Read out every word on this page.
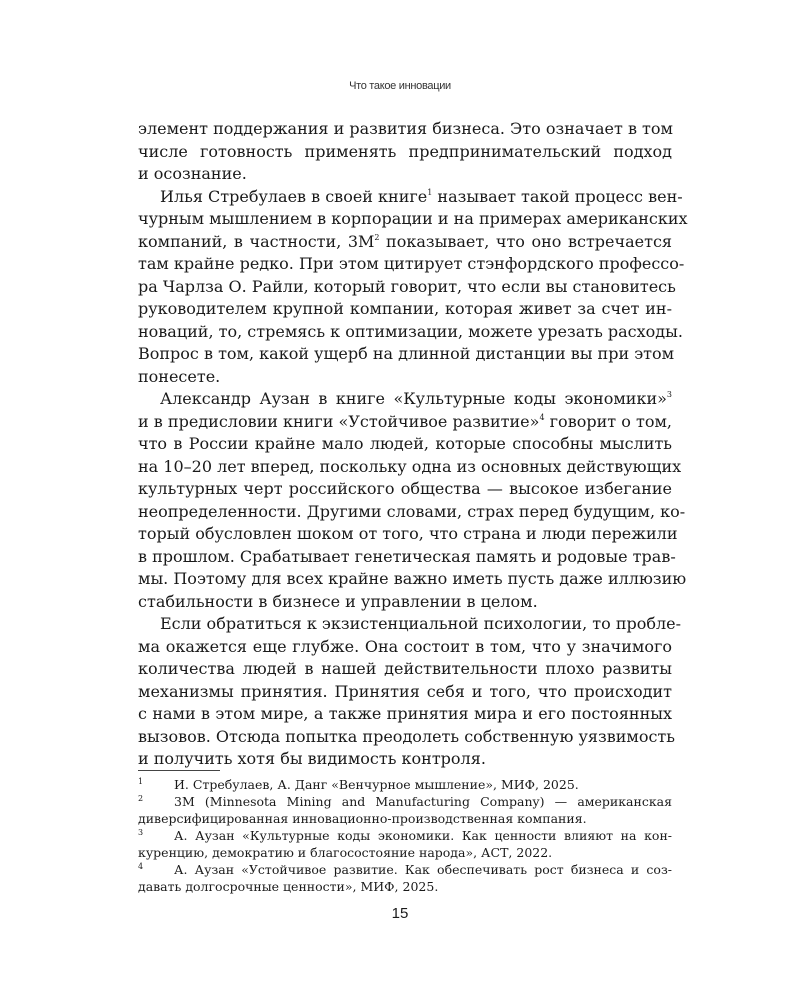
Что такое инновации
элемент поддержания и развития бизнеса. Это означает в том
числе готовность применять предпринимательский подход
и осознание.
Илья Стребулаев в своей книге$^1$ называет такой процесс вен-
чурным мышлением в корпорации и на примерах американских
компаний, в частности, $3М^2$ показывает, что оно встречается
там крайне редко. При этом цитирует стэнфордского профессо-
ра Чарлза О. Райли, который говорит, что если вы становитесь
руководителем крупной компании, которая живет за счет ин-
новаций, то, стремясь к оптимизации, можете урезать расходы.
Вопрос в том, какой ущерб на длинной дистанции вы при этом
понесете.
Александр Аузан в книге «Культурные коды экономики»$^3$
и в предисловии книги «Устойчивое развитие»$^4$ говорит о том,
что в России крайне мало людей, которые способны мыслить
на 10–20 лет вперед, поскольку одна из основных действующих
культурных черт российского общества — высокое избегание
неопределенности. Другими словами, страх перед будущим, ко-
торый обусловлен шоком от того, что страна и люди пережили
в прошлом. Срабатывает генетическая память и родовые трав-
мы. Поэтому для всех крайне важно иметь пусть даже иллюзию
стабильности в бизнесе и управлении в целом.
Если обратиться к экзистенциальной психологии, то пробле-
ма окажется еще глубже. Она состоит в том, что у значимого
количества людей в нашей действительности плохо развиты
механизмы принятия. Принятия себя и того, что происходит
с нами в этом мире, а также принятия мира и его постоянных
вызовов. Отсюда попытка преодолеть собственную уязвимость
и получить хотя бы видимость контроля.
1 И. Стребулаев, А. Данг «Венчурное мышление», МИФ, 2025.
2 3M (Minnesota Mining and Manufacturing Company) — американская
диверсифицированная инновационно-производственная компания.
3 А. Аузан «Культурные коды экономики. Как ценности влияют на кон-
куренцию, демократию и благосостояние народа», АСТ, 2022.
4 А. Аузан «Устойчивое развитие. Как обеспечивать рост бизнеса и соз-
давать долгосрочные ценности», МИФ, 2025.
15
